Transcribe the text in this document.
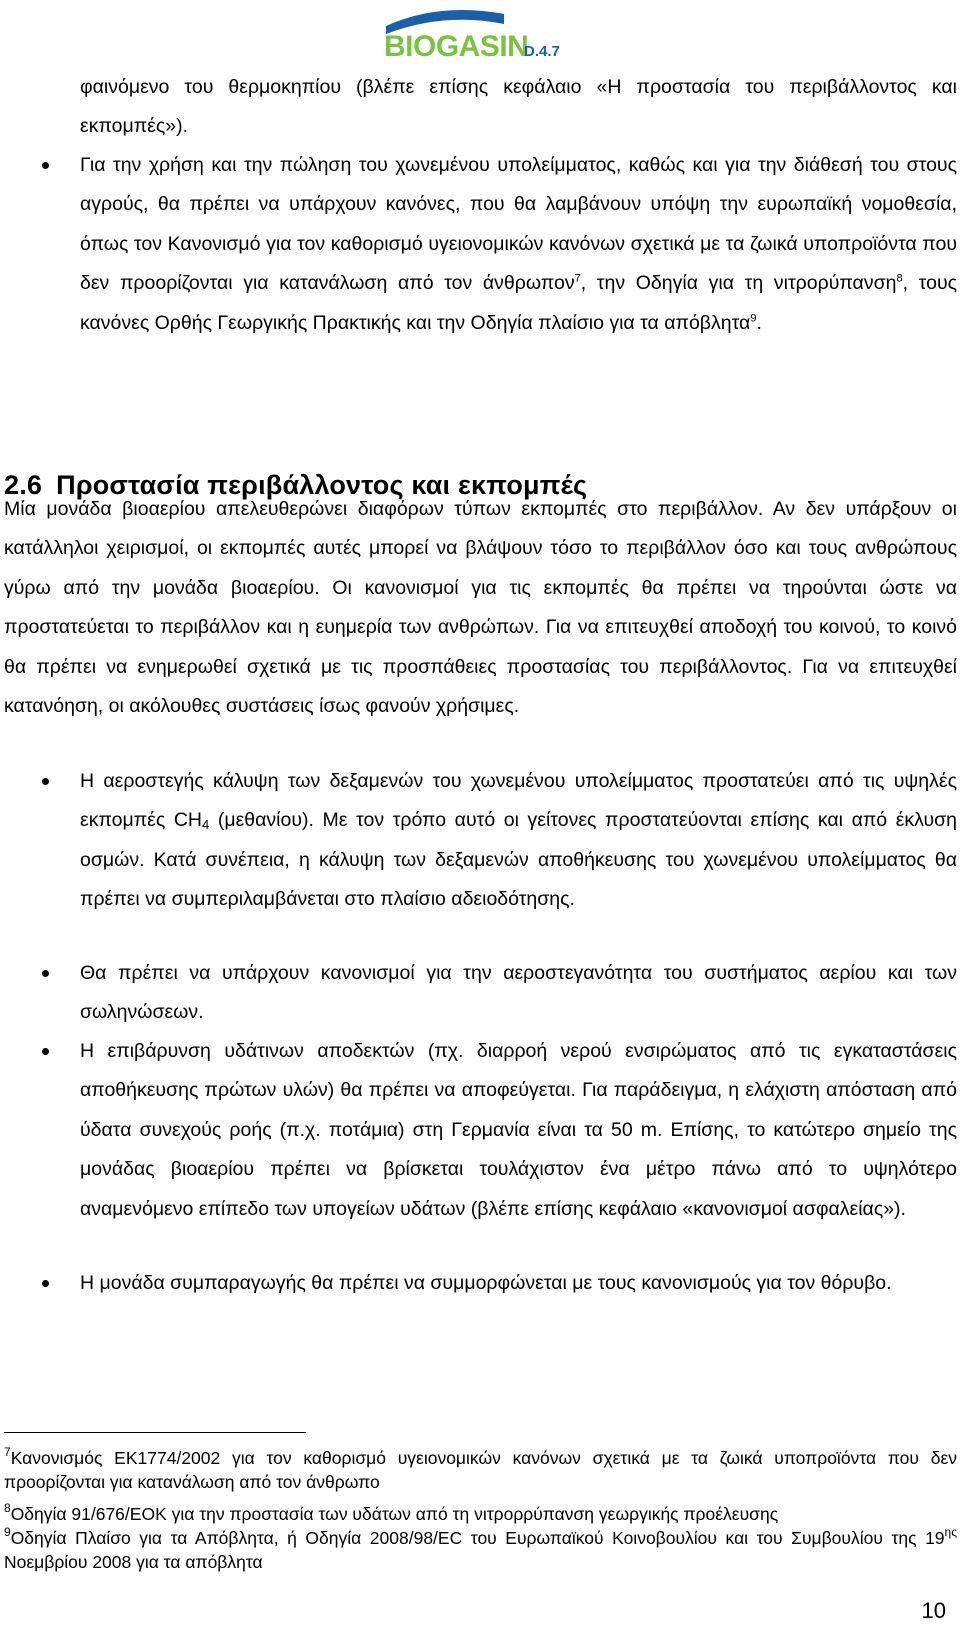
BIOGASIN
D.4.7

φαινόμενο του θερμοκηπίου (βλέπε επίσης κεφάλαιο «Η προστασία του περιβάλλοντος και εκπομπές»).

Για την χρήση και την πώληση του χωνεμένου υπολείμματος, καθώς και για την διάθεσή του στους αγρούς, θα πρέπει να υπάρχουν κανόνες, που θα λαμβάνουν υπόψη την ευρωπαϊκή νομοθεσία, όπως τον Κανονισμό για τον καθορισμό υγειονομικών κανόνων σχετικά με τα ζωικά υποπροϊόντα που δεν προορίζονται για κατανάλωση από τον άνθρωπον$^7$, την Οδηγία για τη νιτρορύπανση$^8$, τους κανόνες Ορθής Γεωργικής Πρακτικής και την Οδηγία πλαίσιο για τα απόβλητα$^9$.

2.6 Προστασία περιβάλλοντος και εκπομπές

Μία μονάδα βιοαερίου απελευθερώνει διαφόρων τύπων εκπομπές στο περιβάλλον. Αν δεν υπάρξουν οι κατάλληλοι χειρισμοί, οι εκπομπές αυτές μπορεί να βλάψουν τόσο το περιβάλλον όσο και τους ανθρώπους γύρω από την μονάδα βιοαερίου. Οι κανονισμοί για τις εκπομπές θα πρέπει να τηρούνται ώστε να προστατεύεται το περιβάλλον και η ευημερία των ανθρώπων. Για να επιτευχθεί αποδοχή του κοινού, το κοινό θα πρέπει να ενημερωθεί σχετικά με τις προσπάθειες προστασίας του περιβάλλοντος. Για να επιτευχθεί κατανόηση, οι ακόλουθες συστάσεις ίσως φανούν χρήσιμες.

Η αεροστεγής κάλυψη των δεξαμενών του χωνεμένου υπολείμματος προστατεύει από τις υψηλές εκπομπές $CH_4$ (μεθανίου). Με τον τρόπο αυτό οι γείτονες προστατεύονται επίσης και από έκλυση οσμών. Κατά συνέπεια, η κάλυψη των δεξαμενών αποθήκευσης του χωνεμένου υπολείμματος θα πρέπει να συμπεριλαμβάνεται στο πλαίσιο αδειοδότησης.

Θα πρέπει να υπάρχουν κανονισμοί για την αεροστεγανότητα του συστήματος αερίου και των σωληνώσεων.

Η επιβάρυνση υδάτινων αποδεκτών (πχ. διαρροή νερού ενσιρώματος από τις εγκαταστάσεις αποθήκευσης πρώτων υλών) θα πρέπει να αποφεύγεται. Για παράδειγμα, η ελάχιστη απόσταση από ύδατα συνεχούς ροής (π.χ. ποτάμια) στη Γερμανία είναι τα 50 m. Επίσης, το κατώτερο σημείο της μονάδας βιοαερίου πρέπει να βρίσκεται τουλάχιστον ένα μέτρο πάνω από το υψηλότερο αναμενόμενο επίπεδο των υπογείων υδάτων (βλέπε επίσης κεφάλαιο «κανονισμοί ασφαλείας»).

Η μονάδα συμπαραγωγής θα πρέπει να συμμορφώνεται με τους κανονισμούς για τον θόρυβο.

$^7$Κανονισμός ΕΚ1774/2002 για τον καθορισμό υγειονομικών κανόνων σχετικά με τα ζωικά υποπροϊόντα που δεν προορίζονται για κατανάλωση από τον άνθρωπο

$^8$Οδηγία 91/676/ΕΟΚ για την προστασία των υδάτων από τη νιτρορρύπανση γεωργικής προέλευσης

$^9$Οδηγία Πλαίσο για τα Απόβλητα, ή Οδηγία 2008/98/EC του Ευρωπαϊκού Κοινοβουλίου και του Συμβουλίου της $19^{\eta\varsigma}$ Νοεμβρίου 2008 για τα απόβλητα

10
